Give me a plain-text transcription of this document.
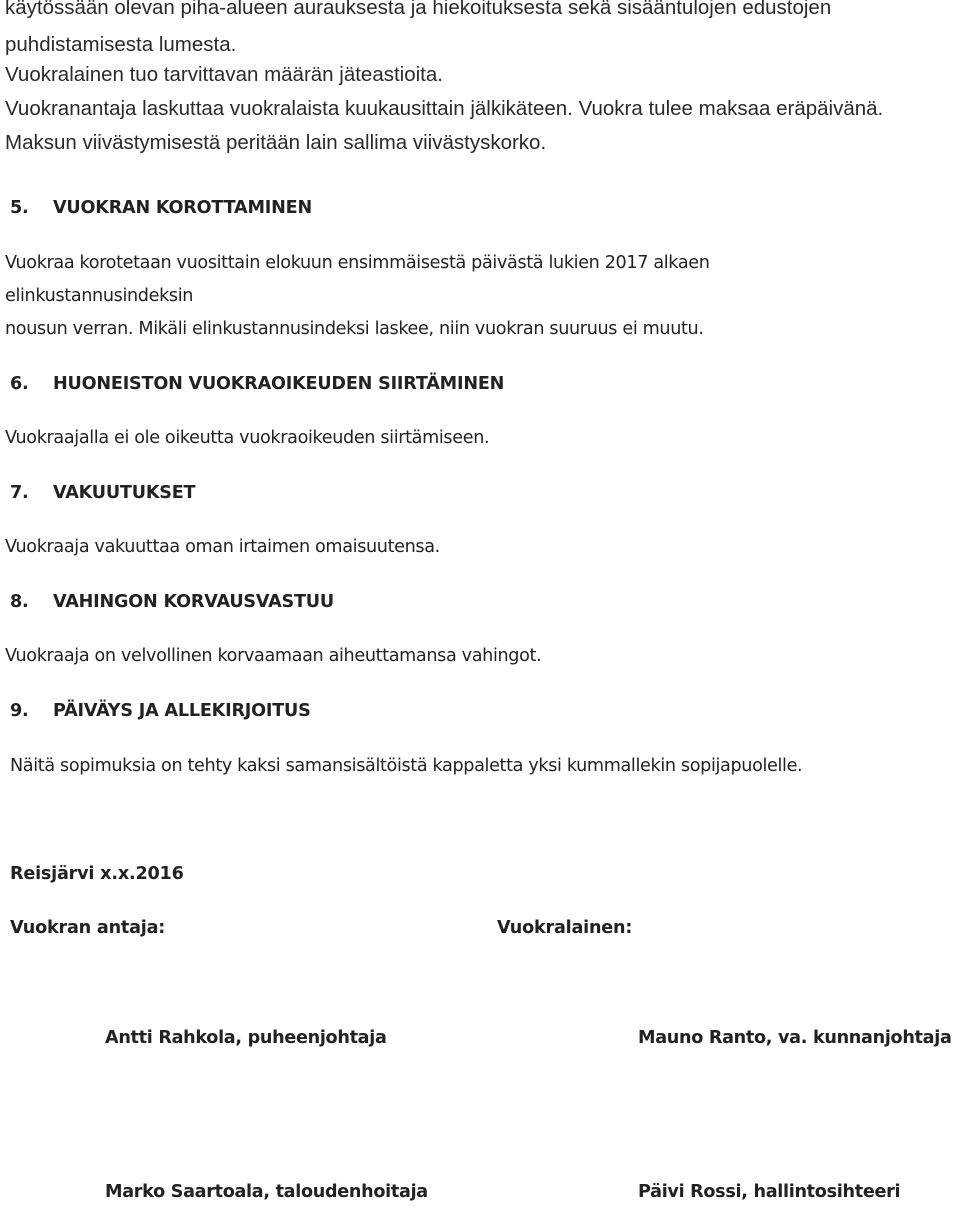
käytössään olevan piha-alueen aurauksesta ja hiekoituksesta sekä sisääntulojen edustojen

puhdistamisesta lumesta.

Vuokralainen tuo tarvittavan määrän jäteastioita.

Vuokranantaja laskuttaa vuokralaista kuukausittain jälkikäteen. Vuokra tulee maksaa eräpäivänä.

Maksun viivästymisestä peritään lain sallima viivästyskorko.

5. VUOKRAN KOROTTAMINEN

Vuokraa korotetaan vuosittain elokuun ensimmäisestä päivästä lukien 2017 alkaen

elinkustannusindeksin

nousun verran. Mikäli elinkustannusindeksi laskee, niin vuokran suuruus ei muutu.

6. HUONEISTON VUOKRAOIKEUDEN SIIRTÄMINEN

Vuokraajalla ei ole oikeutta vuokraoikeuden siirtämiseen.

7. VAKUUTUKSET

Vuokraaja vakuuttaa oman irtaimen omaisuutensa.

8. VAHINGON KORVAUSVASTUU

Vuokraaja on velvollinen korvaamaan aiheuttamansa vahingot.

9. PÄIVÄYS JA ALLEKIRJOITUS

Näitä sopimuksia on tehty kaksi samansisältöistä kappaletta yksi kummallekin sopijapuolelle.

Reisjärvi x.x.2016

Vuokran antaja:	Vuokralainen:

Antti Rahkola, puheenjohtaja	Mauno Ranto, va. kunnanjohtaja

Marko Saartoala, taloudenhoitaja	Päivi Rossi, hallintosihteeri
